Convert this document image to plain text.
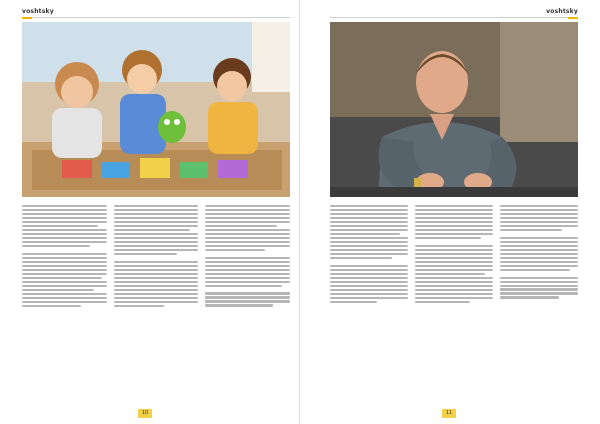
voshtsky
10
voshtsky
11
